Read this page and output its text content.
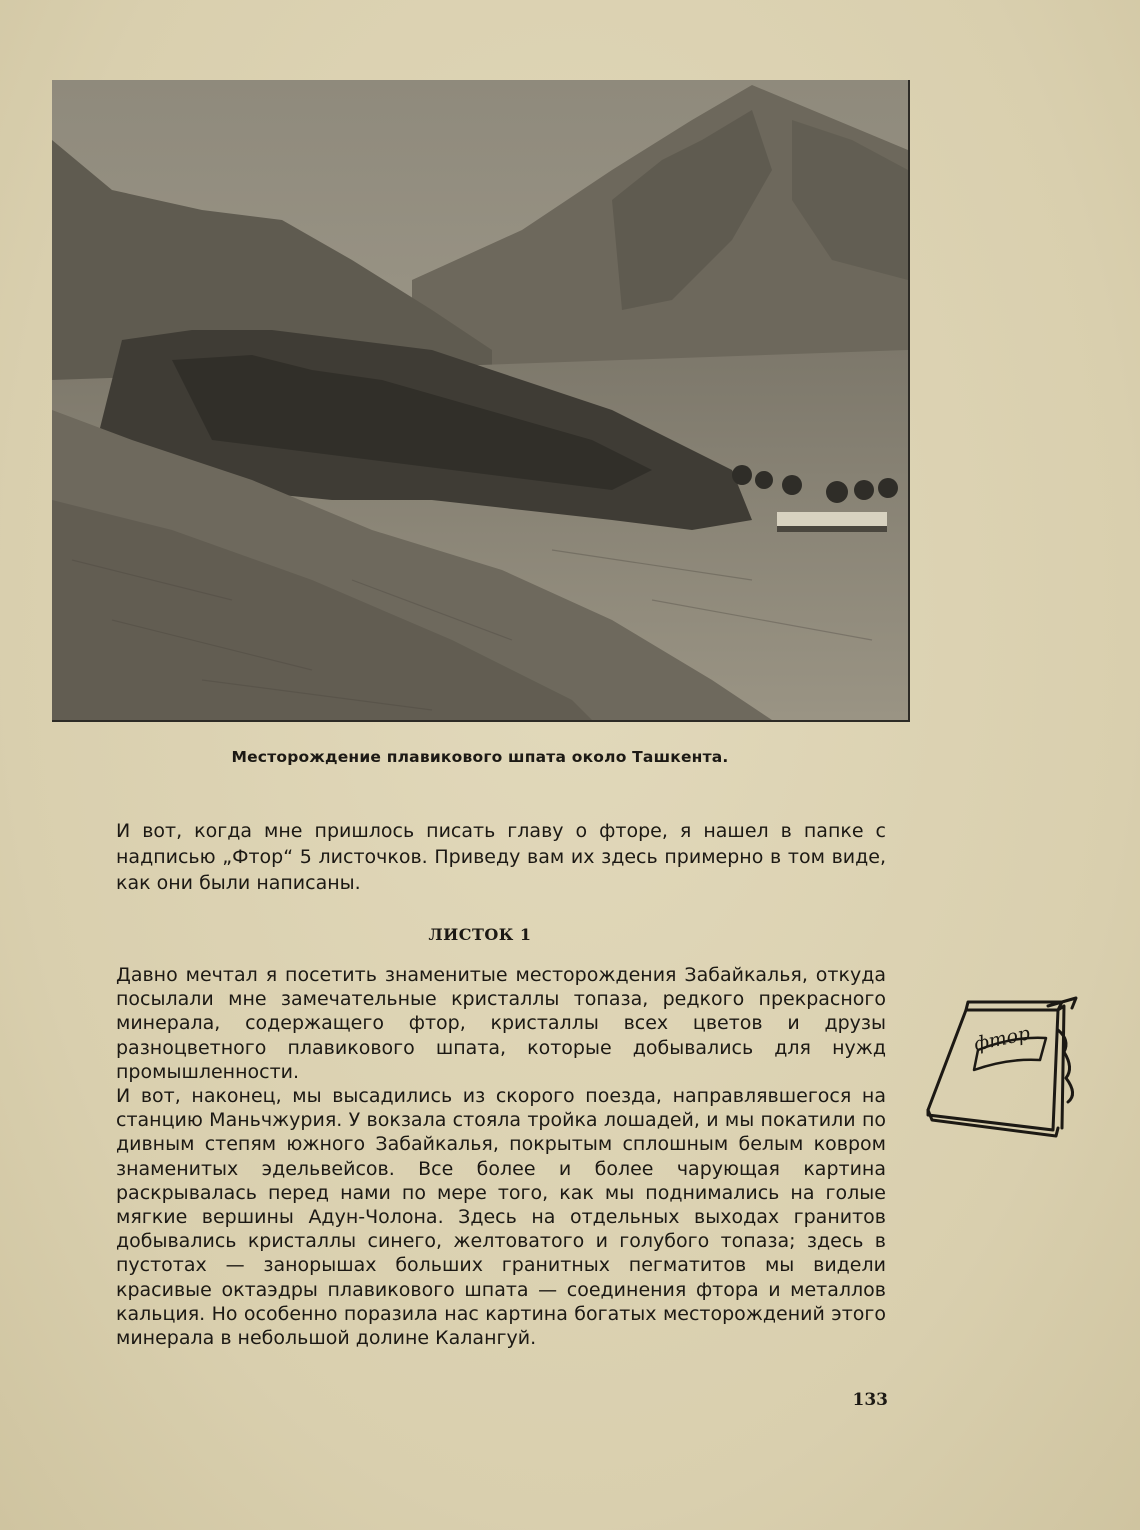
Месторождение плавикового шпата около Ташкента.

И вот, когда мне пришлось писать главу о фторе, я нашел в папке с надписью „Фтор“ 5 листочков. Приведу вам их здесь примерно в том виде, как они были написаны.

ЛИСТОК 1

Давно мечтал я посетить знаменитые месторождения Забайкалья, откуда посылали мне замечательные кристаллы топаза, редкого прекрасного минерала, содержащего фтор, кристаллы всех цветов и друзы разноцветного плавикового шпата, которые добывались для нужд промышленности.

И вот, наконец, мы высадились из скорого поезда, направлявшегося на станцию Маньчжурия. У вокзала стояла тройка лошадей, и мы покатили по дивным степям южного Забайкалья, покрытым сплошным белым ковром знаменитых эдельвейсов. Все более и более чарующая картина раскрывалась перед нами по мере того, как мы поднимались на голые мягкие вершины Адун-Чолона. Здесь на отдельных выходах гранитов добывались кристаллы синего, желтоватого и голубого топаза; здесь в пустотах — занорышах больших гранитных пегматитов мы видели красивые октаэдры плавикового шпата — соединения фтора и металлов кальция. Но особенно поразила нас картина богатых месторождений этого минерала в небольшой долине Калангуй.

фтор
133
